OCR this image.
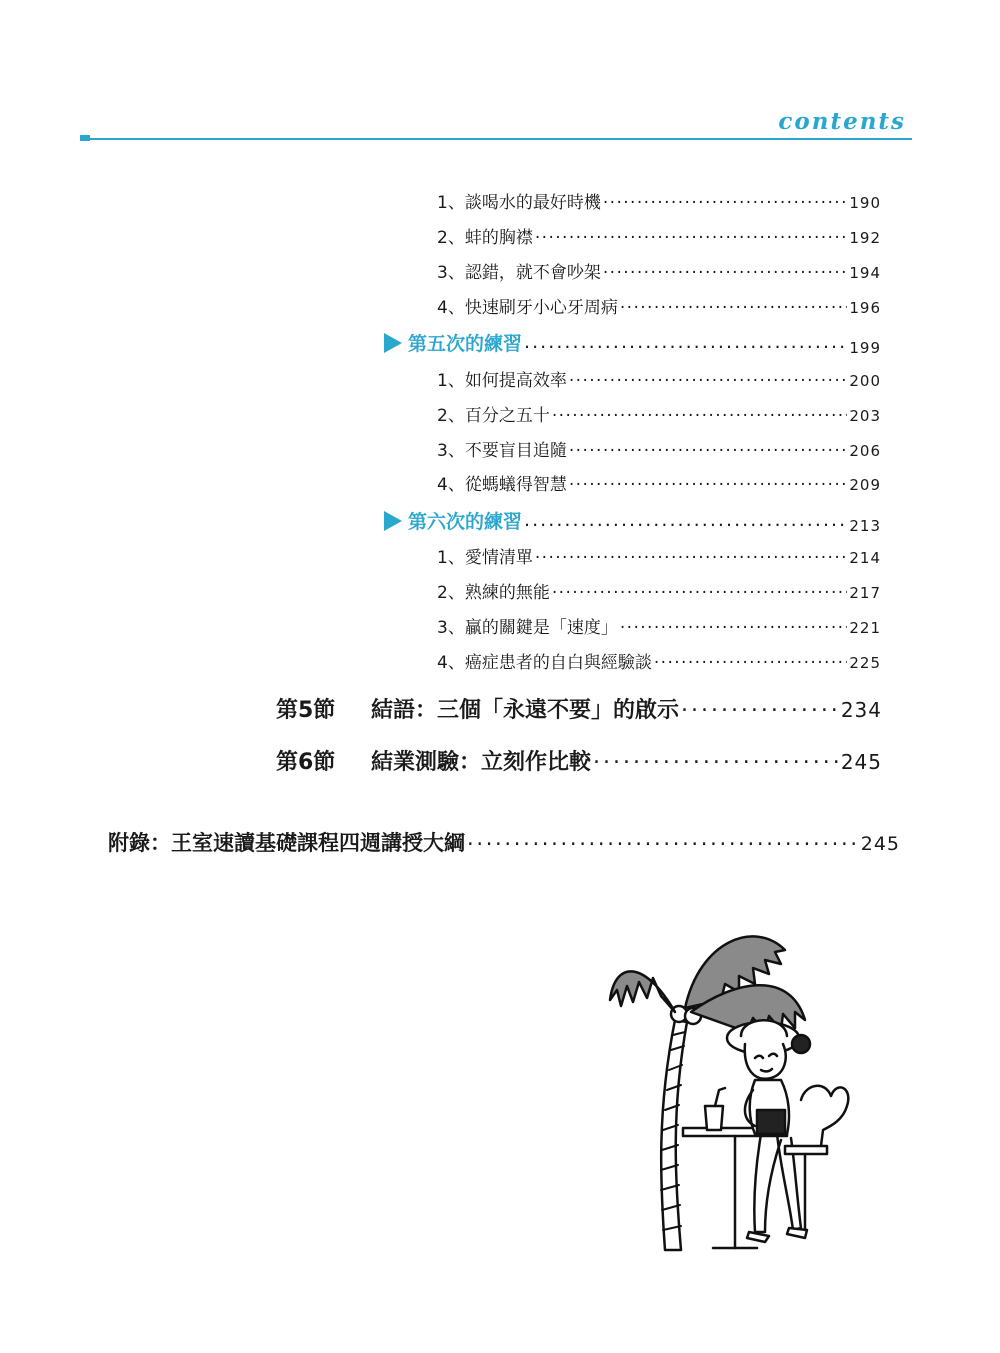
contents
1、談喝水的最好時機 . . .	190
2、蚌的胸襟 . . .	192
3、認錯，就不會吵架 . . .	194
4、快速刷牙小心牙周病 . . .	196
第五次的練習 . . .	199
1、如何提高效率 . . .	200
2、百分之五十 . . .	203
3、不要盲目追隨 . . .	206
4、從螞蟻得智慧 . . .	209
第六次的練習 . . .	213
1、愛情清單 . . .	214
2、熟練的無能 . . .	217
3、贏的關鍵是「速度」 . . .	221
4、癌症患者的自白與經驗談 . . .	225
第5節 結語：三個「永遠不要」的啟示 . . .	234
第6節 結業測驗：立刻作比較 . . .	245
附錄：王室速讀基礎課程四週講授大綱 . . .	245
